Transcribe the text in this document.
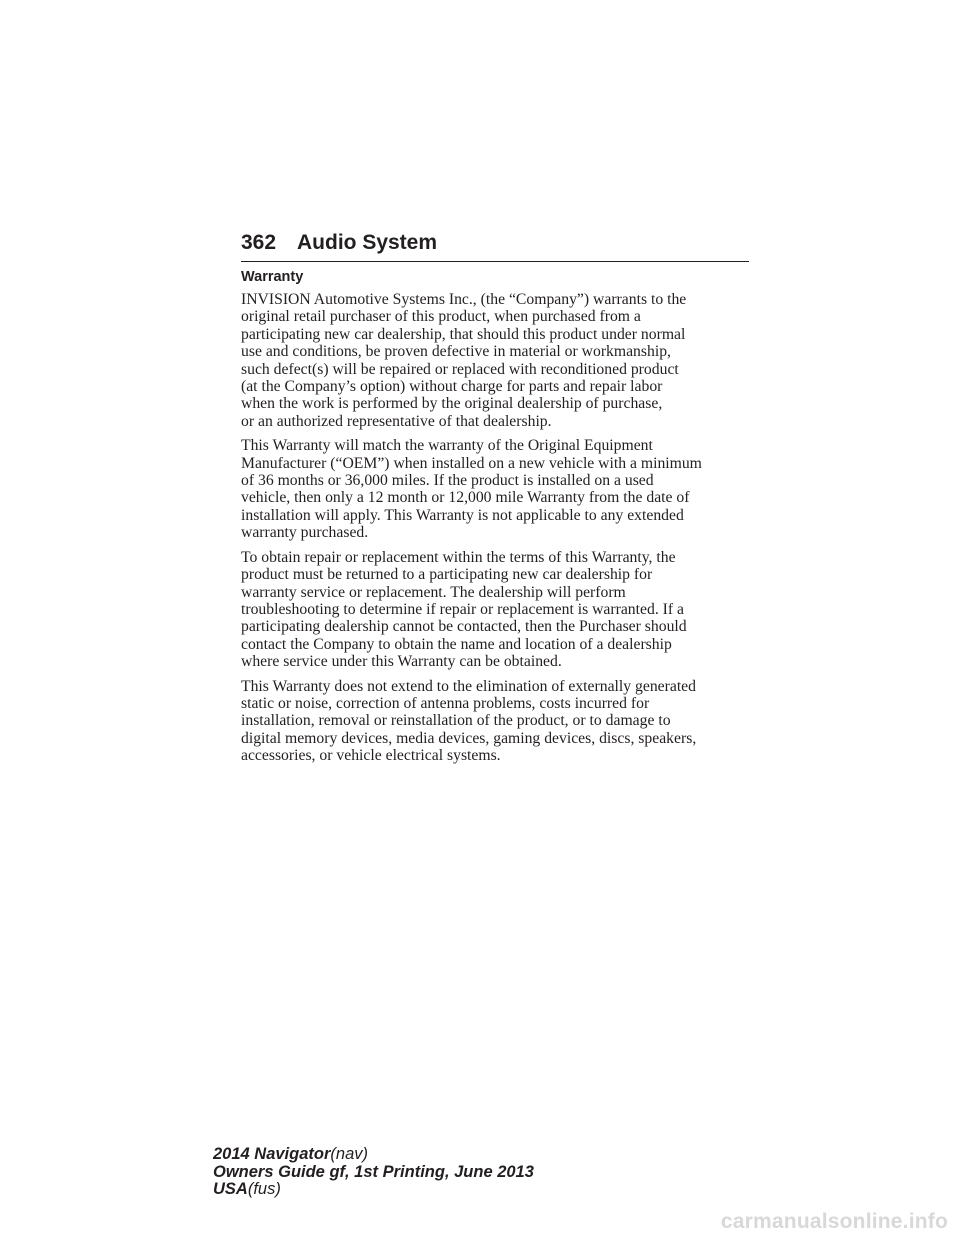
362 Audio System
Warranty

INVISION Automotive Systems Inc., (the “Company”) warrants to the
original retail purchaser of this product, when purchased from a
participating new car dealership, that should this product under normal
use and conditions, be proven defective in material or workmanship,
such defect(s) will be repaired or replaced with reconditioned product
(at the Company’s option) without charge for parts and repair labor
when the work is performed by the original dealership of purchase,
or an authorized representative of that dealership.

This Warranty will match the warranty of the Original Equipment
Manufacturer (“OEM”) when installed on a new vehicle with a minimum
of 36 months or 36,000 miles. If the product is installed on a used
vehicle, then only a 12 month or 12,000 mile Warranty from the date of
installation will apply. This Warranty is not applicable to any extended
warranty purchased.

To obtain repair or replacement within the terms of this Warranty, the
product must be returned to a participating new car dealership for
warranty service or replacement. The dealership will perform
troubleshooting to determine if repair or replacement is warranted. If a
participating dealership cannot be contacted, then the Purchaser should
contact the Company to obtain the name and location of a dealership
where service under this Warranty can be obtained.

This Warranty does not extend to the elimination of externally generated
static or noise, correction of antenna problems, costs incurred for
installation, removal or reinstallation of the product, or to damage to
digital memory devices, media devices, gaming devices, discs, speakers,
accessories, or vehicle electrical systems.

2014 Navigator(nav)
Owners Guide gf, 1st Printing, June 2013
USA(fus)
carmanualsonline.info
